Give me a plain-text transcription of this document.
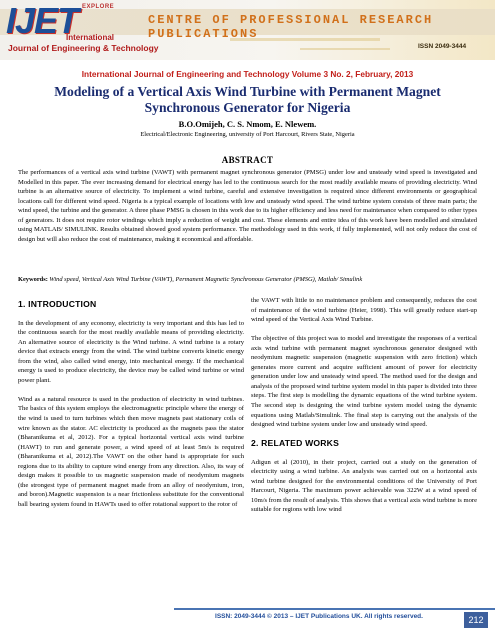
IJET EXPLORE
International
Journal of Engineering & Technology
CENTRE OF PROFESSIONAL RESEARCH PUBLICATIONS
ISSN 2049-3444
International Journal of Engineering and Technology Volume 3 No. 2, February, 2013
Modeling of a Vertical Axis Wind Turbine with Permanent Magnet Synchronous Generator for Nigeria
B.O.Omijeh, C. S. Nmom, E. Nlewem.
Electrical/Electronic Engineering, university of Port Harcourt, Rivers State, Nigeria
ABSTRACT
The performances of a vertical axis wind turbine (VAWT) with permanent magnet synchronous generator (PMSG) under low and unsteady wind speed is investigated and Modelled in this paper. The ever increasing demand for electrical energy has led to the continuous search for the most readily available means of providing electricity. Wind turbine is an alternative source of electricity. To implement a wind turbine, careful and extensive investigation is required since different environments or geographical locations call for different wind speed. Nigeria is a typical example of locations with low and unsteady wind speed. The wind turbine system consists of three main parts; the wind speed, the turbine and the generator. A three phase PMSG is chosen in this work due to its higher efficiency and less need for maintenance when compared to other types of generators. It does not require rotor windings which imply a reduction of weight and cost. These elements and entire idea of this work have been modelled and simulated using MATLAB/ SIMULINK. Results obtained showed good system performance. The methodology used in this work, if fully implemented, will not only reduce the cost of design but will also reduce the cost of maintenance, making it economical and affordable.
Keywords: Wind speed, Vertical Axis Wind Turbine (VAWT), Permanent Magnetic Synchronous Generator (PMSG), Matlab/ Simulink
1. INTRODUCTION

In the development of any economy, electricity is very important and this has led to the continuous search for the most readily available means of providing electricity. An alternative source of electricity is the Wind turbine. A wind turbine is a rotary device that extracts energy from the wind. The wind turbine converts kinetic energy from the wind, also called wind energy, into mechanical energy. If the mechanical energy is used to produce electricity, the device may be called wind turbine or wind power plant.

Wind as a natural resource is used in the production of electricity in wind turbines. The basics of this system employs the electromagnetic principle where the energy of the wind is used to turn turbines which then move magnets past stationary coils of wire known as the stator. AC electricity is produced as the magnets pass the stator (Bharanikuma et al, 2012). For a typical horizontal vertical axis wind turbine (HAWT) to run and generate power, a wind speed of at least 5m/s is required (Bharanikuma et al, 2012).The VAWT on the other hand is appropriate for such regions due to its ability to capture wind energy from any direction. Also, its way of design makes it possible to us magnetic suspension made of neodymium magnets (the strongest type of permanent magnet made from an alloy of neodymium, iron, and boron).Magnetic suspension is a near frictionless substitute for the conventional ball bearing system found in HAWTs used to offer rotational support to the rotor of

the VAWT with little to no maintenance problem and consequently, reduces the cost of maintenance of the wind turbine (Heier, 1998). This will greatly reduce start-up wind speed of the Vertical Axis Wind Turbine.

The objective of this project was to model and investigate the responses of a vertical axis wind turbine with permanent magnet synchronous generator designed with neodymium magnetic suspension (magnetic suspension with zero friction) which generates more current and acquire sufficient amount of power for electricity generation under low and unsteady wind speed. The method used for the design and analysis of the proposed wind turbine system model in this paper is divided into three steps. The first step is modelling the dynamic equations of the wind turbine system. The second step is designing the wind turbine system model using the dynamic equations using Matlab/Simulink. The final step is carrying out the analysis of the designed wind turbine system under low and unsteady wind speed.

2. RELATED WORKS

Adigun et al (2010), in their project, carried out a study on the generation of electricity using a wind turbine. An analysis was carried out on a horizontal axis wind turbine designed for the environmental conditions of the University of Port Harcourt, Nigeria. The maximum power achievable was 322W at a wind speed of 10m/s from the result of analysis. This shows that a vertical axis wind turbine is more suitable for regions with low wind

ISSN: 2049-3444 © 2013 – IJET Publications UK. All rights reserved.	212
